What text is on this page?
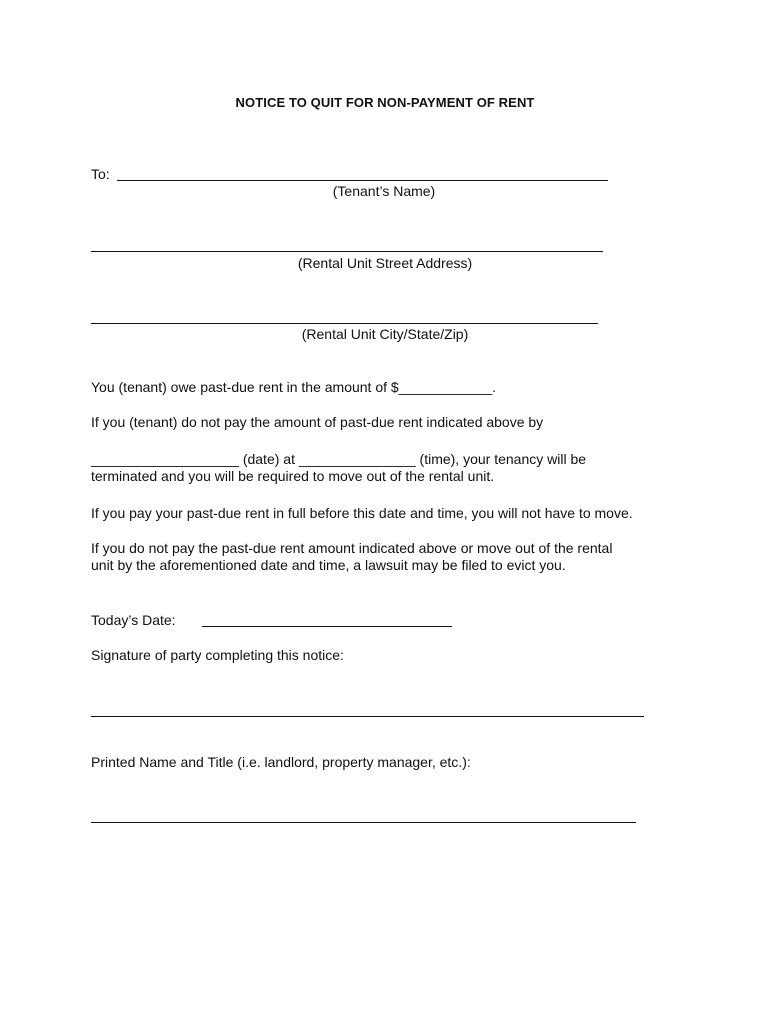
NOTICE TO QUIT FOR NON-PAYMENT OF RENT
To:
(Tenant’s Name)
(Rental Unit Street Address)
(Rental Unit City/State/Zip)
You (tenant) owe past-due rent in the amount of $____________.
If you (tenant) do not pay the amount of past-due rent indicated above by
___________________ (date) at _______________ (time), your tenancy will be
terminated and you will be required to move out of the rental unit.
If you pay your past-due rent in full before this date and time, you will not have to move.
If you do not pay the past-due rent amount indicated above or move out of the rental
unit by the aforementioned date and time, a lawsuit may be filed to evict you.
Today’s Date:
Signature of party completing this notice:
Printed Name and Title (i.e. landlord, property manager, etc.):
